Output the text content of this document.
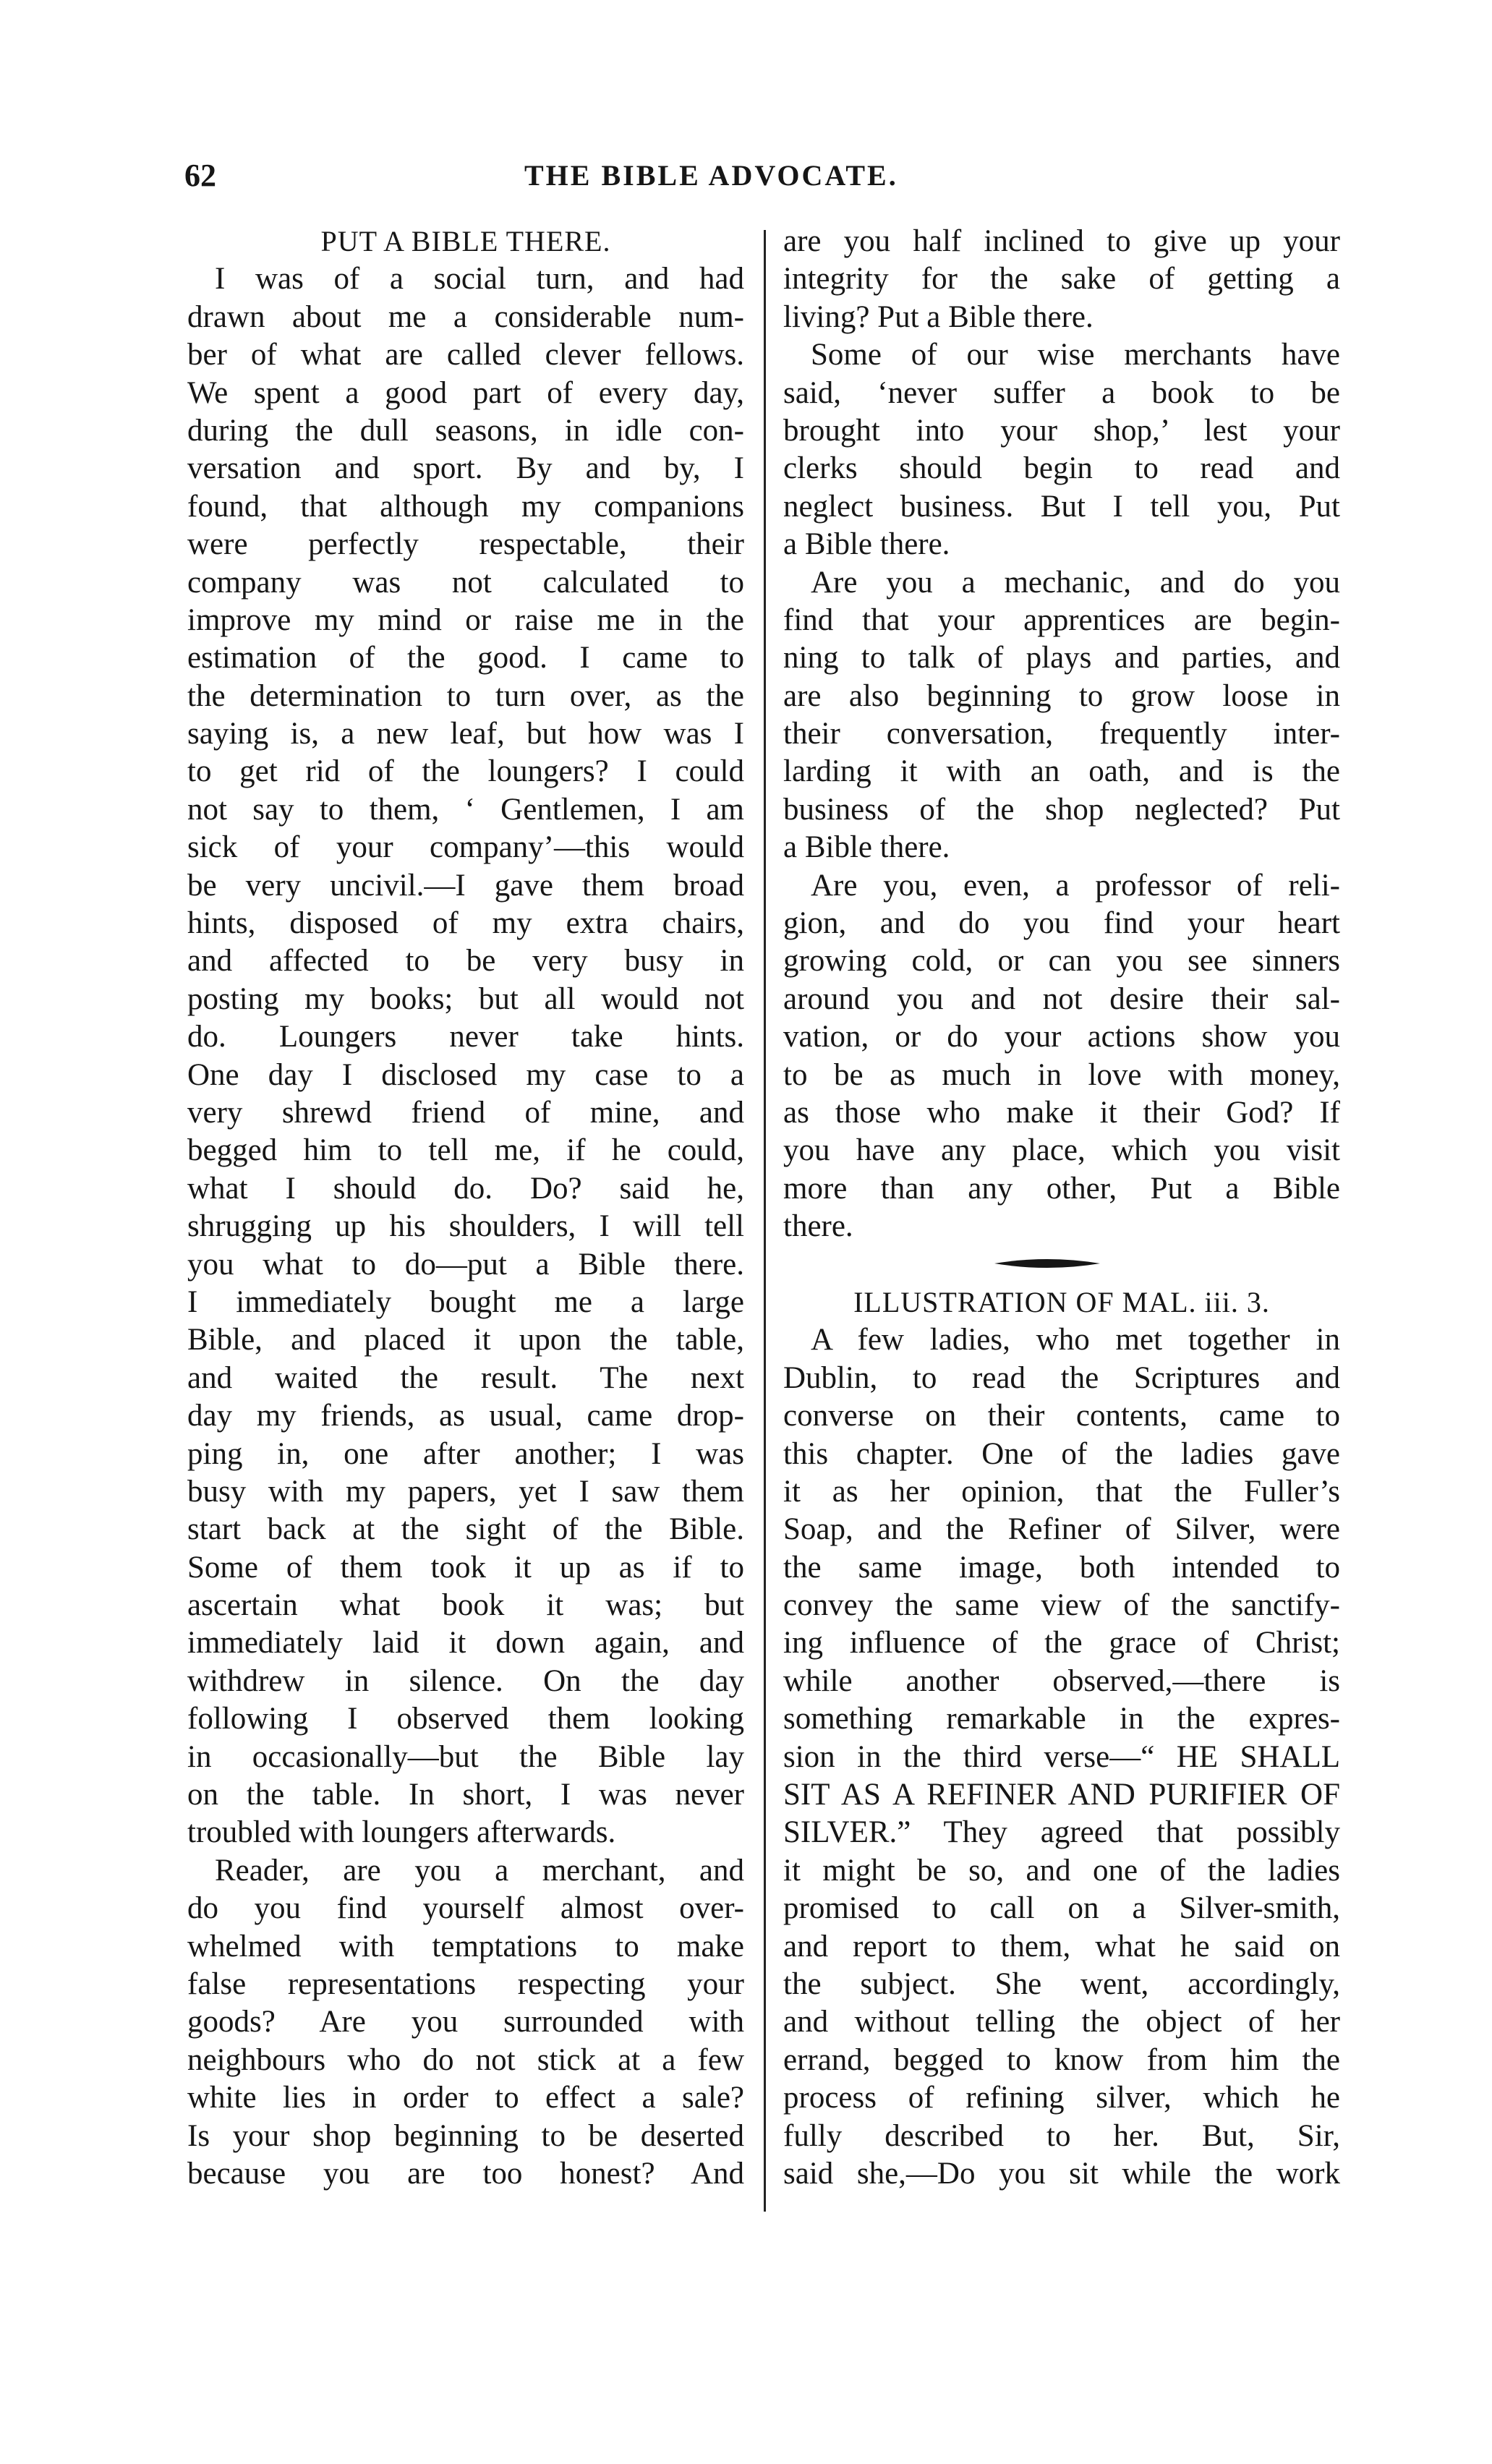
62	THE BIBLE ADVOCATE.
PUT A BIBLE THERE.
I was of a social turn, and had
drawn about me a considerable num-
ber of what are called clever fellows.
We spent a good part of every day,
during the dull seasons, in idle con-
versation and sport. By and by, I
found, that although my companions
were perfectly respectable, their
company was not calculated to
improve my mind or raise me in the
estimation of the good. I came to
the determination to turn over, as the
saying is, a new leaf, but how was I
to get rid of the loungers? I could
not say to them, ‘ Gentlemen, I am
sick of your company’—this would
be very uncivil.—I gave them broad
hints, disposed of my extra chairs,
and affected to be very busy in
posting my books; but all would not
do. Loungers never take hints.
One day I disclosed my case to a
very shrewd friend of mine, and
begged him to tell me, if he could,
what I should do. Do? said he,
shrugging up his shoulders, I will tell
you what to do—put a Bible there.
I immediately bought me a large
Bible, and placed it upon the table,
and waited the result. The next
day my friends, as usual, came drop-
ping in, one after another; I was
busy with my papers, yet I saw them
start back at the sight of the Bible.
Some of them took it up as if to
ascertain what book it was; but
immediately laid it down again, and
withdrew in silence. On the day
following I observed them looking
in occasionally—but the Bible lay
on the table. In short, I was never
troubled with loungers afterwards.
Reader, are you a merchant, and
do you find yourself almost over-
whelmed with temptations to make
false representations respecting your
goods? Are you surrounded with
neighbours who do not stick at a few
white lies in order to effect a sale?
Is your shop beginning to be deserted
because you are too honest? And
are you half inclined to give up your
integrity for the sake of getting a
living? Put a Bible there.
Some of our wise merchants have
said, ‘never suffer a book to be
brought into your shop,’ lest your
clerks should begin to read and
neglect business. But I tell you, Put
a Bible there.
Are you a mechanic, and do you
find that your apprentices are begin-
ning to talk of plays and parties, and
are also beginning to grow loose in
their conversation, frequently inter-
larding it with an oath, and is the
business of the shop neglected? Put
a Bible there.
Are you, even, a professor of reli-
gion, and do you find your heart
growing cold, or can you see sinners
around you and not desire their sal-
vation, or do your actions show you
to be as much in love with money,
as those who make it their God? If
you have any place, which you visit
more than any other, Put a Bible
there.
ILLUSTRATION OF MAL. iii. 3.
A few ladies, who met together in
Dublin, to read the Scriptures and
converse on their contents, came to
this chapter. One of the ladies gave
it as her opinion, that the Fuller’s
Soap, and the Refiner of Silver, were
the same image, both intended to
convey the same view of the sanctify-
ing influence of the grace of Christ;
while another observed,—there is
something remarkable in the expres-
sion in the third verse—“ HE SHALL
SIT AS A REFINER AND PURIFIER OF
SILVER.” They agreed that possibly
it might be so, and one of the ladies
promised to call on a Silver-smith,
and report to them, what he said on
the subject. She went, accordingly,
and without telling the object of her
errand, begged to know from him the
process of refining silver, which he
fully described to her. But, Sir,
said she,—Do you sit while the work
